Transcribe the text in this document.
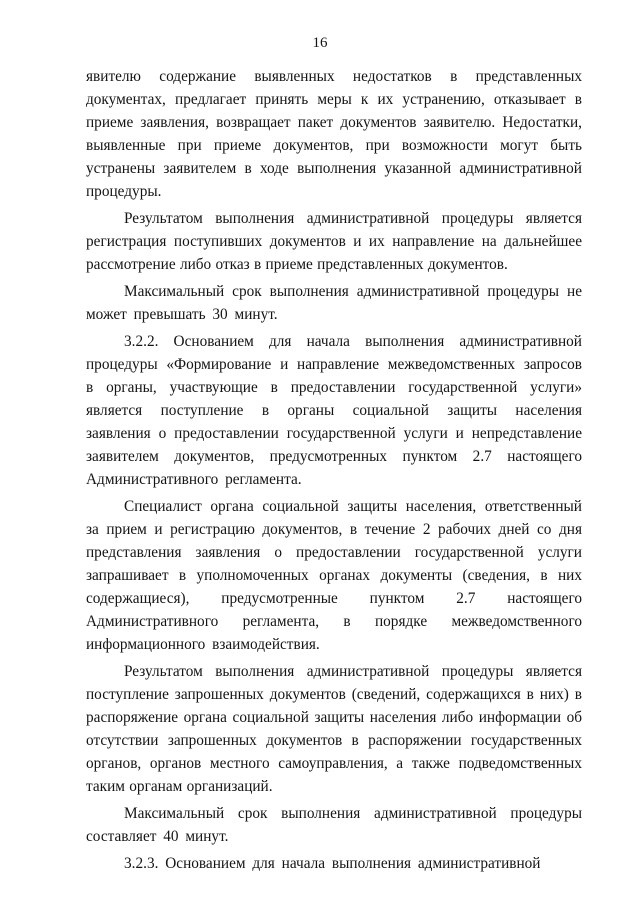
16

явителю содержание выявленных недостатков в представленных документах, предлагает принять меры к их устранению, отказывает в приеме заявления, возвращает пакет документов заявителю. Недостатки, выявленные при приеме документов, при возможности могут быть устранены заявителем в ходе выполнения указанной административной процедуры.

Результатом выполнения административной процедуры является регистрация поступивших документов и их направление на дальнейшее рассмотрение либо отказ в приеме представленных документов.

Максимальный срок выполнения административной процедуры не может превышать 30 минут.

3.2.2. Основанием для начала выполнения административной процедуры «Формирование и направление межведомственных запросов в органы, участвующие в предоставлении государственной услуги» является поступление в органы социальной защиты населения заявления о предоставлении государственной услуги и непредставление заявителем документов, предусмотренных пунктом 2.7 настоящего Административного регламента.

Специалист органа социальной защиты населения, ответственный за прием и регистрацию документов, в течение 2 рабочих дней со дня представления заявления о предоставлении государственной услуги запрашивает в уполномоченных органах документы (сведения, в них содержащиеся), предусмотренные пунктом 2.7 настоящего Административного регламента, в порядке межведомственного информационного взаимодействия.

Результатом выполнения административной процедуры является поступление запрошенных документов (сведений, содержащихся в них) в распоряжение органа социальной защиты населения либо информации об отсутствии запрошенных документов в распоряжении государственных органов, органов местного самоуправления, а также подведомственных таким органам организаций.

Максимальный срок выполнения административной процедуры составляет 40 минут.

3.2.3. Основанием для начала выполнения административной
